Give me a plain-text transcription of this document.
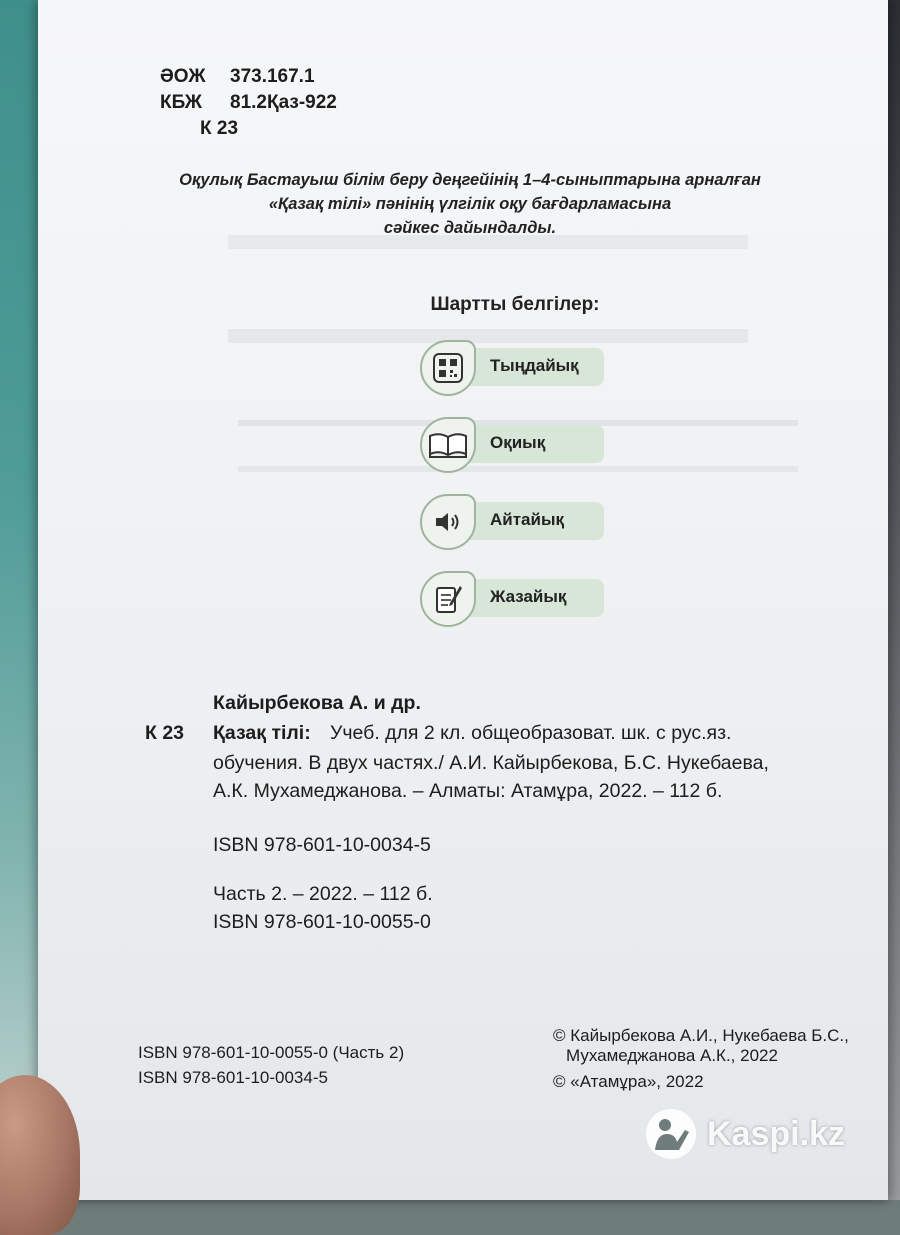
ӘОЖ 373.167.1
КБЖ 81.2Қаз-922
К 23
Оқулық Бастауыш білім беру деңгейінің 1–4-сыныптарына арналған
«Қазақ тілі» пәнінің үлгілік оқу бағдарламасына
сәйкес дайындалды.
Шартты белгілер:
Тыңдайық
Оқиық
Айтайық
Жазайық
Кайырбекова А. и др.
К 23 Қазақ тілі: Учеб. для 2 кл. общеобразоват. шк. с рус.яз.
обучения. В двух частях./ А.И. Кайырбекова, Б.С. Нукебаева,
А.К. Мухамеджанова. – Алматы: Атамұра, 2022. – 112 б.
ISBN 978-601-10-0034-5
Часть 2. – 2022. – 112 б.
ISBN 978-601-10-0055-0
ISBN 978-601-10-0055-0 (Часть 2)
ISBN 978-601-10-0034-5
© Кайырбекова А.И., Нукебаева Б.С.,
Мухамеджанова А.К., 2022
© «Атамұра», 2022
Kaspi.kz
